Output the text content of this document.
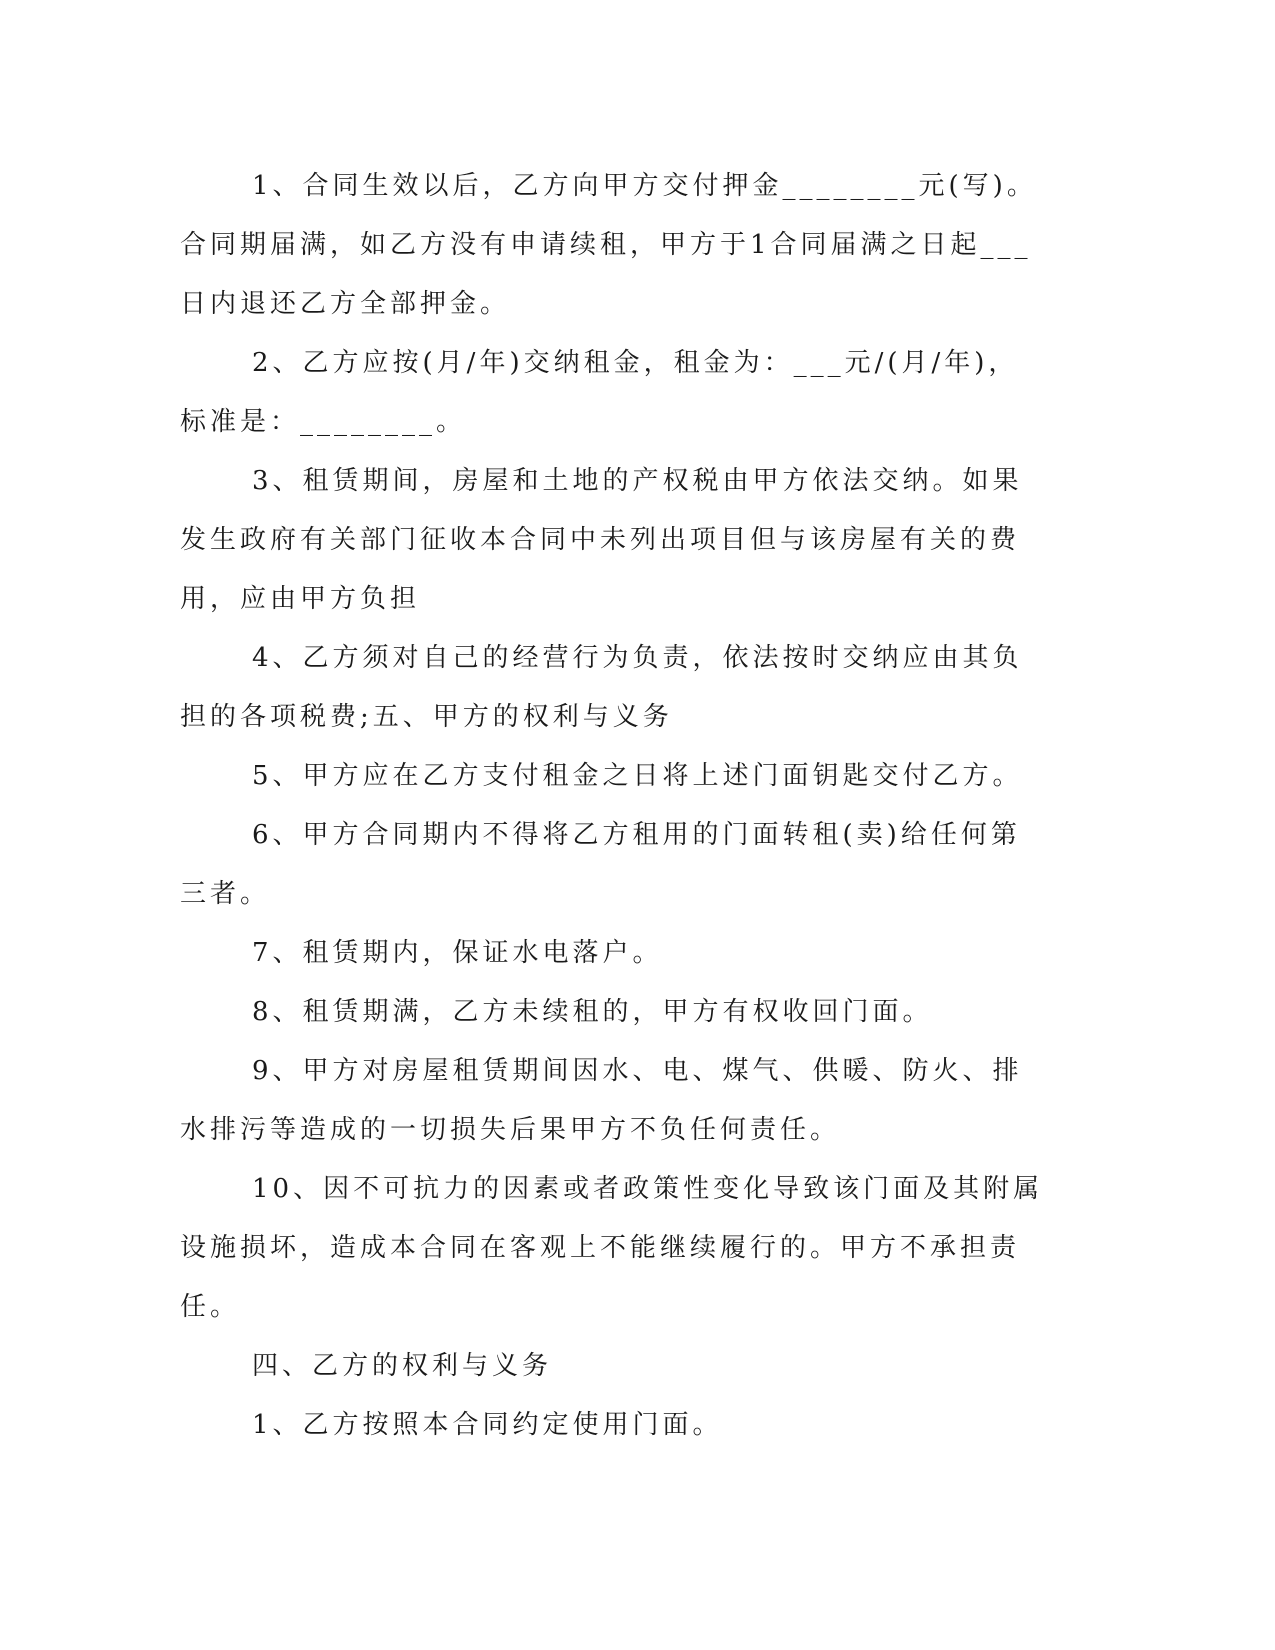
1、合同生效以后，乙方向甲方交付押金________元(写)。合同期届满，如乙方没有申请续租，甲方于1合同届满之日起___日内退还乙方全部押金。

2、乙方应按(月/年)交纳租金，租金为：___元/(月/年)，标准是：________。

3、租赁期间，房屋和土地的产权税由甲方依法交纳。如果发生政府有关部门征收本合同中未列出项目但与该房屋有关的费用，应由甲方负担

4、乙方须对自己的经营行为负责，依法按时交纳应由其负担的各项税费;五、甲方的权利与义务

5、甲方应在乙方支付租金之日将上述门面钥匙交付乙方。

6、甲方合同期内不得将乙方租用的门面转租(卖)给任何第三者。

7、租赁期内，保证水电落户。

8、租赁期满，乙方未续租的，甲方有权收回门面。

9、甲方对房屋租赁期间因水、电、煤气、供暖、防火、排水排污等造成的一切损失后果甲方不负任何责任。

10、因不可抗力的因素或者政策性变化导致该门面及其附属设施损坏，造成本合同在客观上不能继续履行的。甲方不承担责任。

四、乙方的权利与义务

1、乙方按照本合同约定使用门面。
